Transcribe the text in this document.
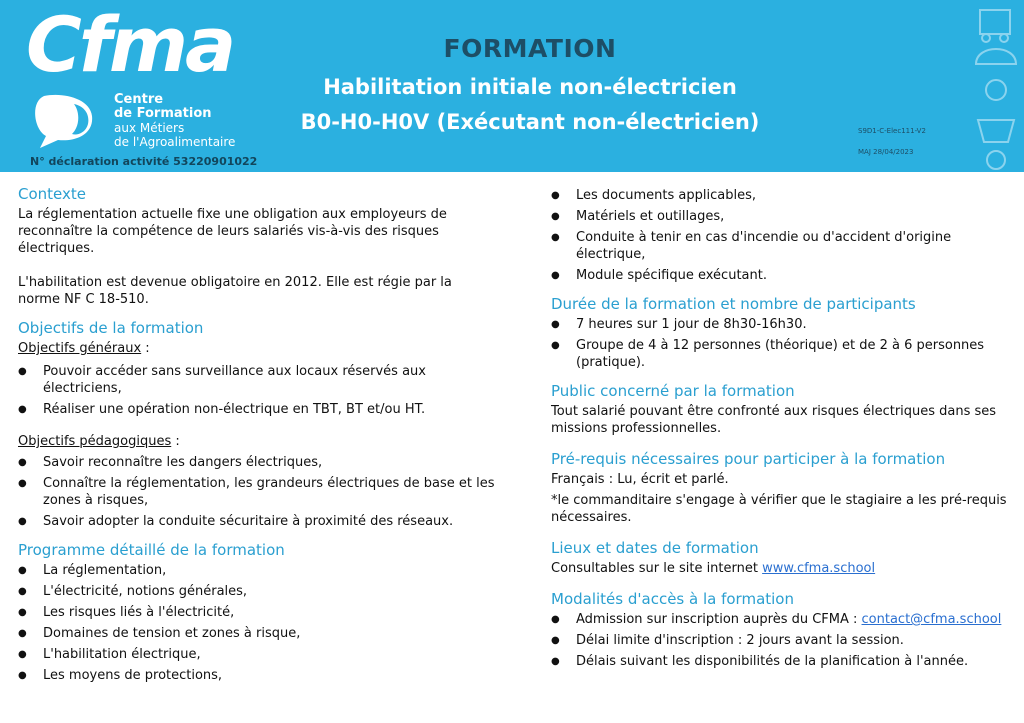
Cfma
Centre
de Formation
aux Métiers
de l'Agroalimentaire
N° déclaration activité 53220901022
FORMATION
Habilitation initiale non-électricien
B0-H0-H0V (Exécutant non-électricien)	S9D1-C-Elec111-V2
MAJ 28/04/2023
Contexte

La réglementation actuelle fixe une obligation aux employeurs de reconnaître la compétence de leurs salariés vis-à-vis des risques électriques.

L'habilitation est devenue obligatoire en 2012. Elle est régie par la norme NF C 18-510.

Objectifs de la formation

Objectifs généraux :

● Pouvoir accéder sans surveillance aux locaux réservés aux électriciens,
● Réaliser une opération non-électrique en TBT, BT et/ou HT.

Objectifs pédagogiques :

● Savoir reconnaître les dangers électriques,
● Connaître la réglementation, les grandeurs électriques de base et les zones à risques,
● Savoir adopter la conduite sécuritaire à proximité des réseaux.
Programme détaillé de la formation
● La réglementation,
● L'électricité, notions générales,
● Les risques liés à l'électricité,
● Domaines de tension et zones à risque,
● L'habilitation électrique,
● Les moyens de protections,
● Les documents applicables,
● Matériels et outillages,
● Conduite à tenir en cas d'incendie ou d'accident d'origine électrique,
● Module spécifique exécutant.
Durée de la formation et nombre de participants
● 7 heures sur 1 jour de 8h30-16h30.
● Groupe de 4 à 12 personnes (théorique) et de 2 à 6 personnes (pratique).
Public concerné par la formation

Tout salarié pouvant être confronté aux risques électriques dans ses missions professionnelles.

Pré-requis nécessaires pour participer à la formation

Français : Lu, écrit et parlé.

*le commanditaire s'engage à vérifier que le stagiaire a les pré-requis nécessaires.

Lieux et dates de formation

Consultables sur le site internet www.cfma.school

Modalités d'accès à la formation
● Admission sur inscription auprès du CFMA : contact@cfma.school
● Délai limite d'inscription : 2 jours avant la session.
● Délais suivant les disponibilités de la planification à l'année.
